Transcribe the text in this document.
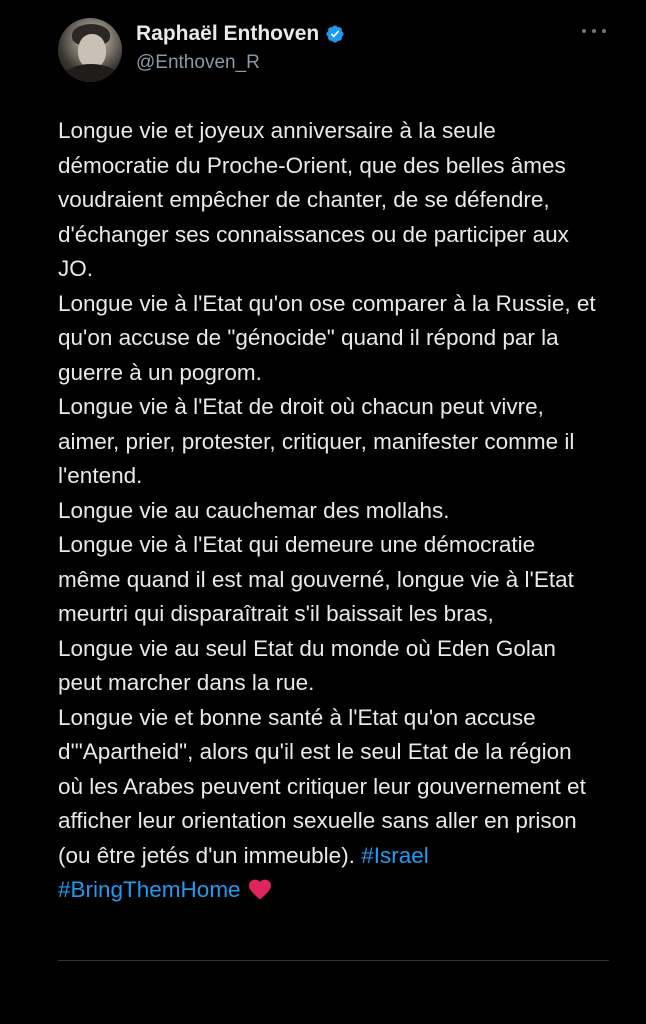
Raphaël Enthoven
@Enthoven_R

Longue vie et joyeux anniversaire à la seule démocratie du Proche-Orient, que des belles âmes voudraient empêcher de chanter, de se défendre, d'échanger ses connaissances ou de participer aux JO.

Longue vie à l'Etat qu'on ose comparer à la Russie, et qu'on accuse de "génocide" quand il répond par la guerre à un pogrom.

Longue vie à l'Etat de droit où chacun peut vivre, aimer, prier, protester, critiquer, manifester comme il l'entend.

Longue vie au cauchemar des mollahs.

Longue vie à l'Etat qui demeure une démocratie même quand il est mal gouverné, longue vie à l'Etat meurtri qui disparaîtrait s'il baissait les bras,

Longue vie au seul Etat du monde où Eden Golan peut marcher dans la rue.

Longue vie et bonne santé à l'Etat qu'on accuse d'"Apartheid", alors qu'il est le seul Etat de la région où les Arabes peuvent critiquer leur gouvernement et afficher leur orientation sexuelle sans aller en prison (ou être jetés d'un immeuble). #Israel
#BringThemHome
